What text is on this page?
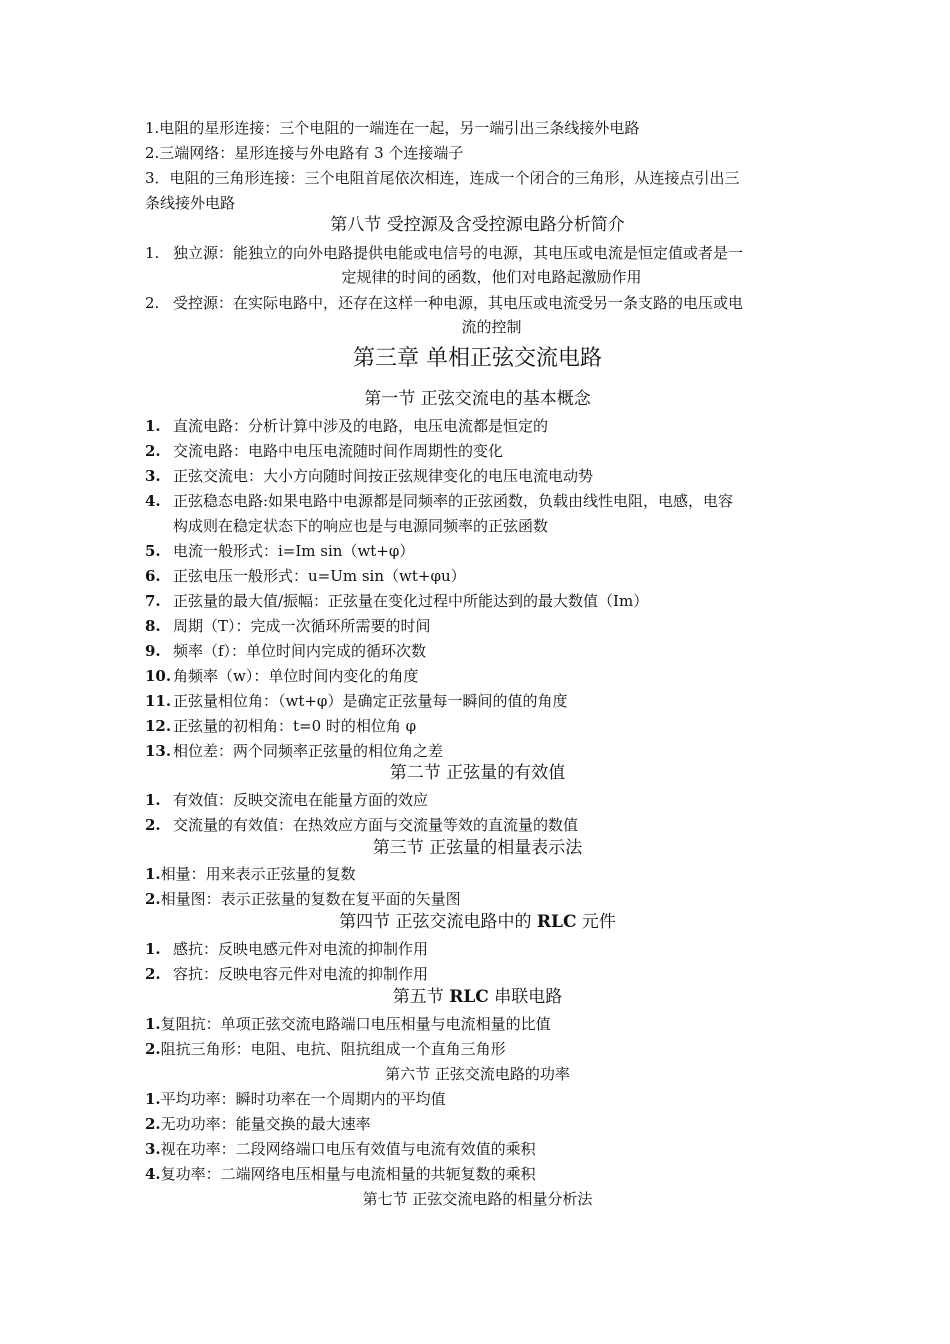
1.电阻的星形连接：三个电阻的一端连在一起，另一端引出三条线接外电路
2.三端网络：星形连接与外电路有 3 个连接端子
3．电阻的三角形连接：三个电阻首尾依次相连，连成一个闭合的三角形，从连接点引出三
条线接外电路
第八节 受控源及含受控源电路分析简介
1. 独立源：能独立的向外电路提供电能或电信号的电源，其电压或电流是恒定值或者是一
定规律的时间的函数，他们对电路起激励作用
2. 受控源：在实际电路中，还存在这样一种电源，其电压或电流受另一条支路的电压或电
流的控制
第三章 单相正弦交流电路
第一节 正弦交流电的基本概念
1. 直流电路：分析计算中涉及的电路，电压电流都是恒定的
2. 交流电路：电路中电压电流随时间作周期性的变化
3. 正弦交流电：大小方向随时间按正弦规律变化的电压电流电动势
4. 正弦稳态电路:如果电路中电源都是同频率的正弦函数，负载由线性电阻，电感，电容
构成则在稳定状态下的响应也是与电源同频率的正弦函数
5. 电流一般形式：i=Im sin（wt+φ）
6. 正弦电压一般形式：u=Um sin（wt+φu）
7. 正弦量的最大值/振幅：正弦量在变化过程中所能达到的最大数值（Im）
8. 周期（T）：完成一次循环所需要的时间
9. 频率（f）：单位时间内完成的循环次数
10. 角频率（w）：单位时间内变化的角度
11. 正弦量相位角：（wt+φ）是确定正弦量每一瞬间的值的角度
12. 正弦量的初相角：t=0 时的相位角 φ
13. 相位差：两个同频率正弦量的相位角之差
第二节 正弦量的有效值
1. 有效值：反映交流电在能量方面的效应
2. 交流量的有效值：在热效应方面与交流量等效的直流量的数值
第三节 正弦量的相量表示法
1.相量：用来表示正弦量的复数
2.相量图：表示正弦量的复数在复平面的矢量图
第四节 正弦交流电路中的 RLC 元件
1. 感抗：反映电感元件对电流的抑制作用
2. 容抗：反映电容元件对电流的抑制作用
第五节 RLC 串联电路
1.复阻抗：单项正弦交流电路端口电压相量与电流相量的比值
2.阻抗三角形：电阻、电抗、阻抗组成一个直角三角形
第六节 正弦交流电路的功率
1.平均功率：瞬时功率在一个周期内的平均值
2.无功功率：能量交换的最大速率
3.视在功率：二段网络端口电压有效值与电流有效值的乘积
4.复功率：二端网络电压相量与电流相量的共轭复数的乘积
第七节 正弦交流电路的相量分析法
